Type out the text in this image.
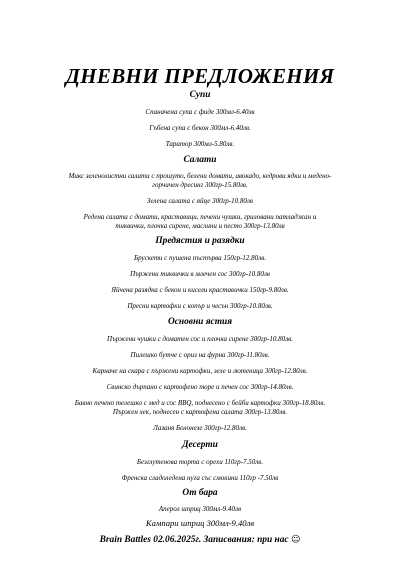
ДНЕВНИ ПРЕДЛОЖЕНИЯ
Супи
Спаначена супа с фиде 300мл-6.40лв
Гъбена супа с бекон 300мл-6.40лв.
Таратор 300мл-5.80лв.
Салати
Микс зеленолистни салати с прошуто, белени домати, авокадо, кедрови ядки и медено-
горчичен дресинг 300гр-15.80лв.
Зелена салата с яйце 300гр-10.80лв
Редена салата с домати, краставици, печени чушки, гриловани патладжан и
тиквички, плочка сирене, маслини и песто 300гр-13.80лв
Предястия и разядки
Брускети с пушена пъстърва 150гр-12.80лв.
Пържени тиквички в млечен сос 300гр-10.80лв
Яйчена разядка с бекон и кисели краставички 150гр-9.80лв.
Пресни картофки с копър и чесън 300гр-10.80лв.
Основни ястия
Пържени чушки с доматен сос и плочка сирене 300гр-10.80лв.
Пилешко бутче с ориз на фурна 300гр-11.80лв.
Карначе на скара с пържени картофки, зеле и лютеница 300гр-12.80лв.
Свинско дърпано с картофено пюре и печен сос 300гр-14.80лв.
Бавно печено телешко с мед и сос BBQ, поднесено с бейби картофки 300гр-18.80лв.
Пържен хек, поднесен с картофена салата 300гр-13.80лв.
Лазаня Болонезе 300гр-12.80лв.
Десерти
Безглутенова торта с орехи 110гр-7.50лв.
Френска сладоледена нуга със смокини 110гр -7.50лв
От бара
Аперол шприц 300мл-9.40лв
Кампари шприц 300мл-9.40лв
Brain Battles 02.06.2025г. Записвания: при нас ☺
